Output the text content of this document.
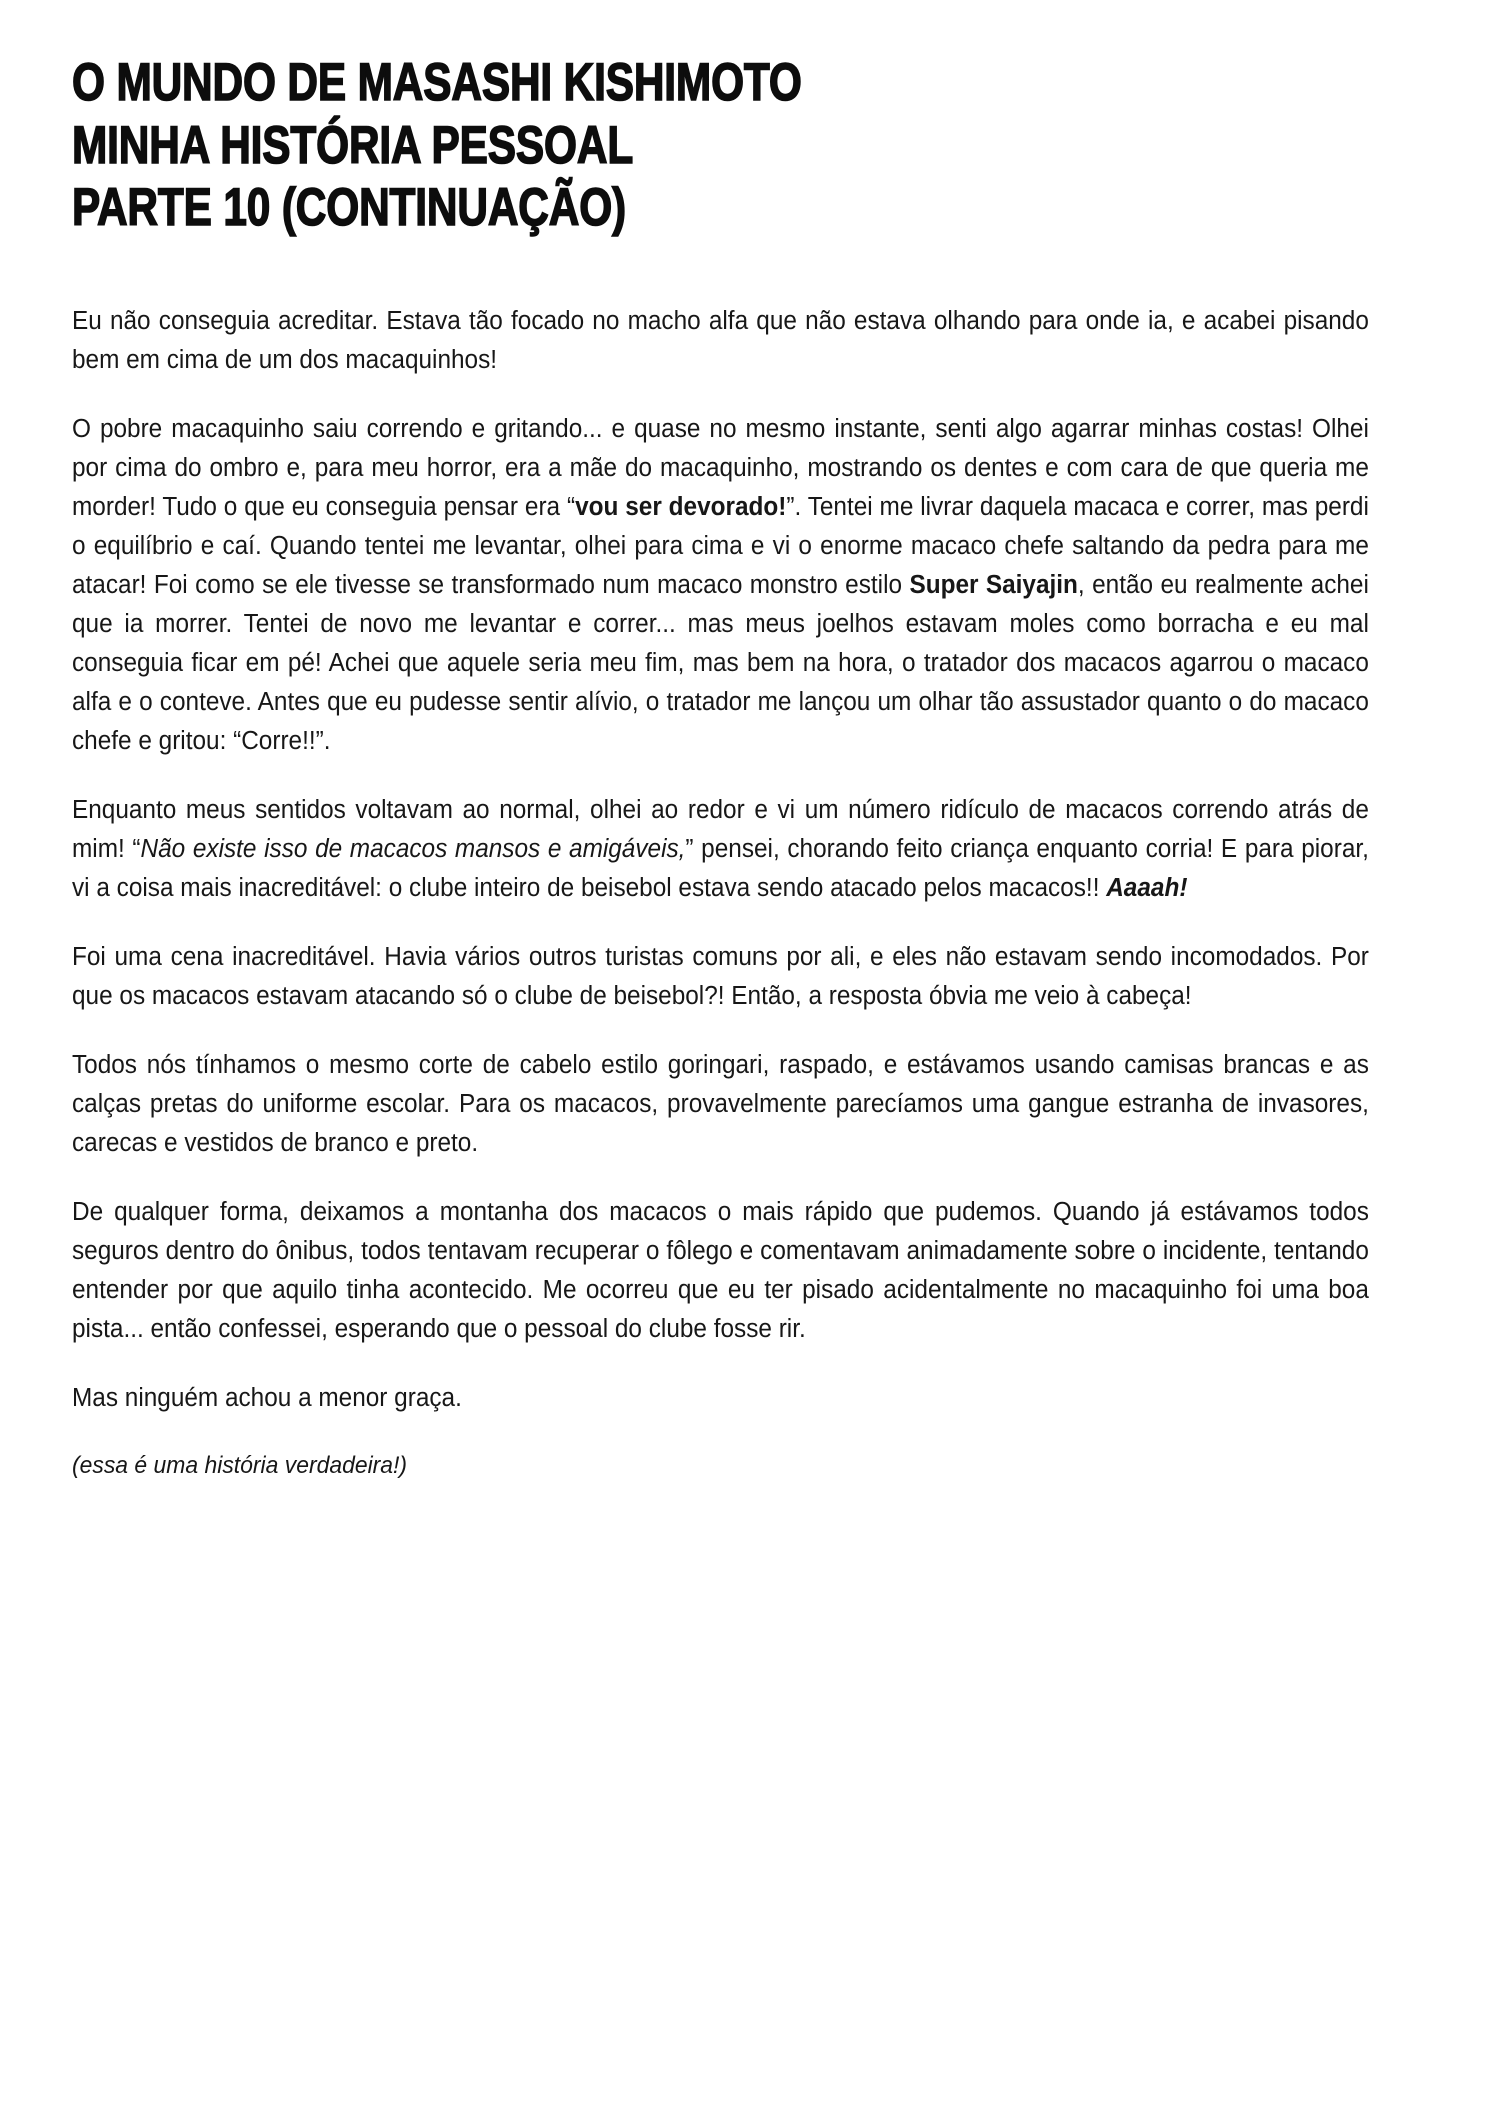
O MUNDO DE MASASHI KISHIMOTO
MINHA HISTÓRIA PESSOAL
PARTE 10 (CONTINUAÇÃO)

Eu não conseguia acreditar. Estava tão focado no macho alfa que não estava olhando para onde ia, e acabei pisando bem em cima de um dos macaquinhos!

O pobre macaquinho saiu correndo e gritando... e quase no mesmo instante, senti algo agarrar minhas costas! Olhei por cima do ombro e, para meu horror, era a mãe do macaquinho, mostrando os dentes e com cara de que queria me morder! Tudo o que eu conseguia pensar era “vou ser devorado!”. Tentei me livrar daquela macaca e correr, mas perdi o equilíbrio e caí. Quando tentei me levantar, olhei para cima e vi o enorme macaco chefe saltando da pedra para me atacar! Foi como se ele tivesse se transformado num macaco monstro estilo Super Saiyajin, então eu realmente achei que ia morrer. Tentei de novo me levantar e correr... mas meus joelhos estavam moles como borracha e eu mal conseguia ficar em pé! Achei que aquele seria meu fim, mas bem na hora, o tratador dos macacos agarrou o macaco alfa e o conteve. Antes que eu pudesse sentir alívio, o tratador me lançou um olhar tão assustador quanto o do macaco chefe e gritou: “Corre!!”.

Enquanto meus sentidos voltavam ao normal, olhei ao redor e vi um número ridículo de macacos correndo atrás de mim! “Não existe isso de macacos mansos e amigáveis,” pensei, chorando feito criança enquanto corria! E para piorar, vi a coisa mais inacreditável: o clube inteiro de beisebol estava sendo atacado pelos macacos!! Aaaah!

Foi uma cena inacreditável. Havia vários outros turistas comuns por ali, e eles não estavam sendo incomodados. Por que os macacos estavam atacando só o clube de beisebol?! Então, a resposta óbvia me veio à cabeça!

Todos nós tínhamos o mesmo corte de cabelo estilo goringari, raspado, e estávamos usando camisas brancas e as calças pretas do uniforme escolar. Para os macacos, provavelmente parecíamos uma gangue estranha de invasores, carecas e vestidos de branco e preto.

De qualquer forma, deixamos a montanha dos macacos o mais rápido que pudemos. Quando já estávamos todos seguros dentro do ônibus, todos tentavam recuperar o fôlego e comentavam animadamente sobre o incidente, tentando entender por que aquilo tinha acontecido. Me ocorreu que eu ter pisado acidentalmente no macaquinho foi uma boa pista... então confessei, esperando que o pessoal do clube fosse rir.

Mas ninguém achou a menor graça.

(essa é uma história verdadeira!)
